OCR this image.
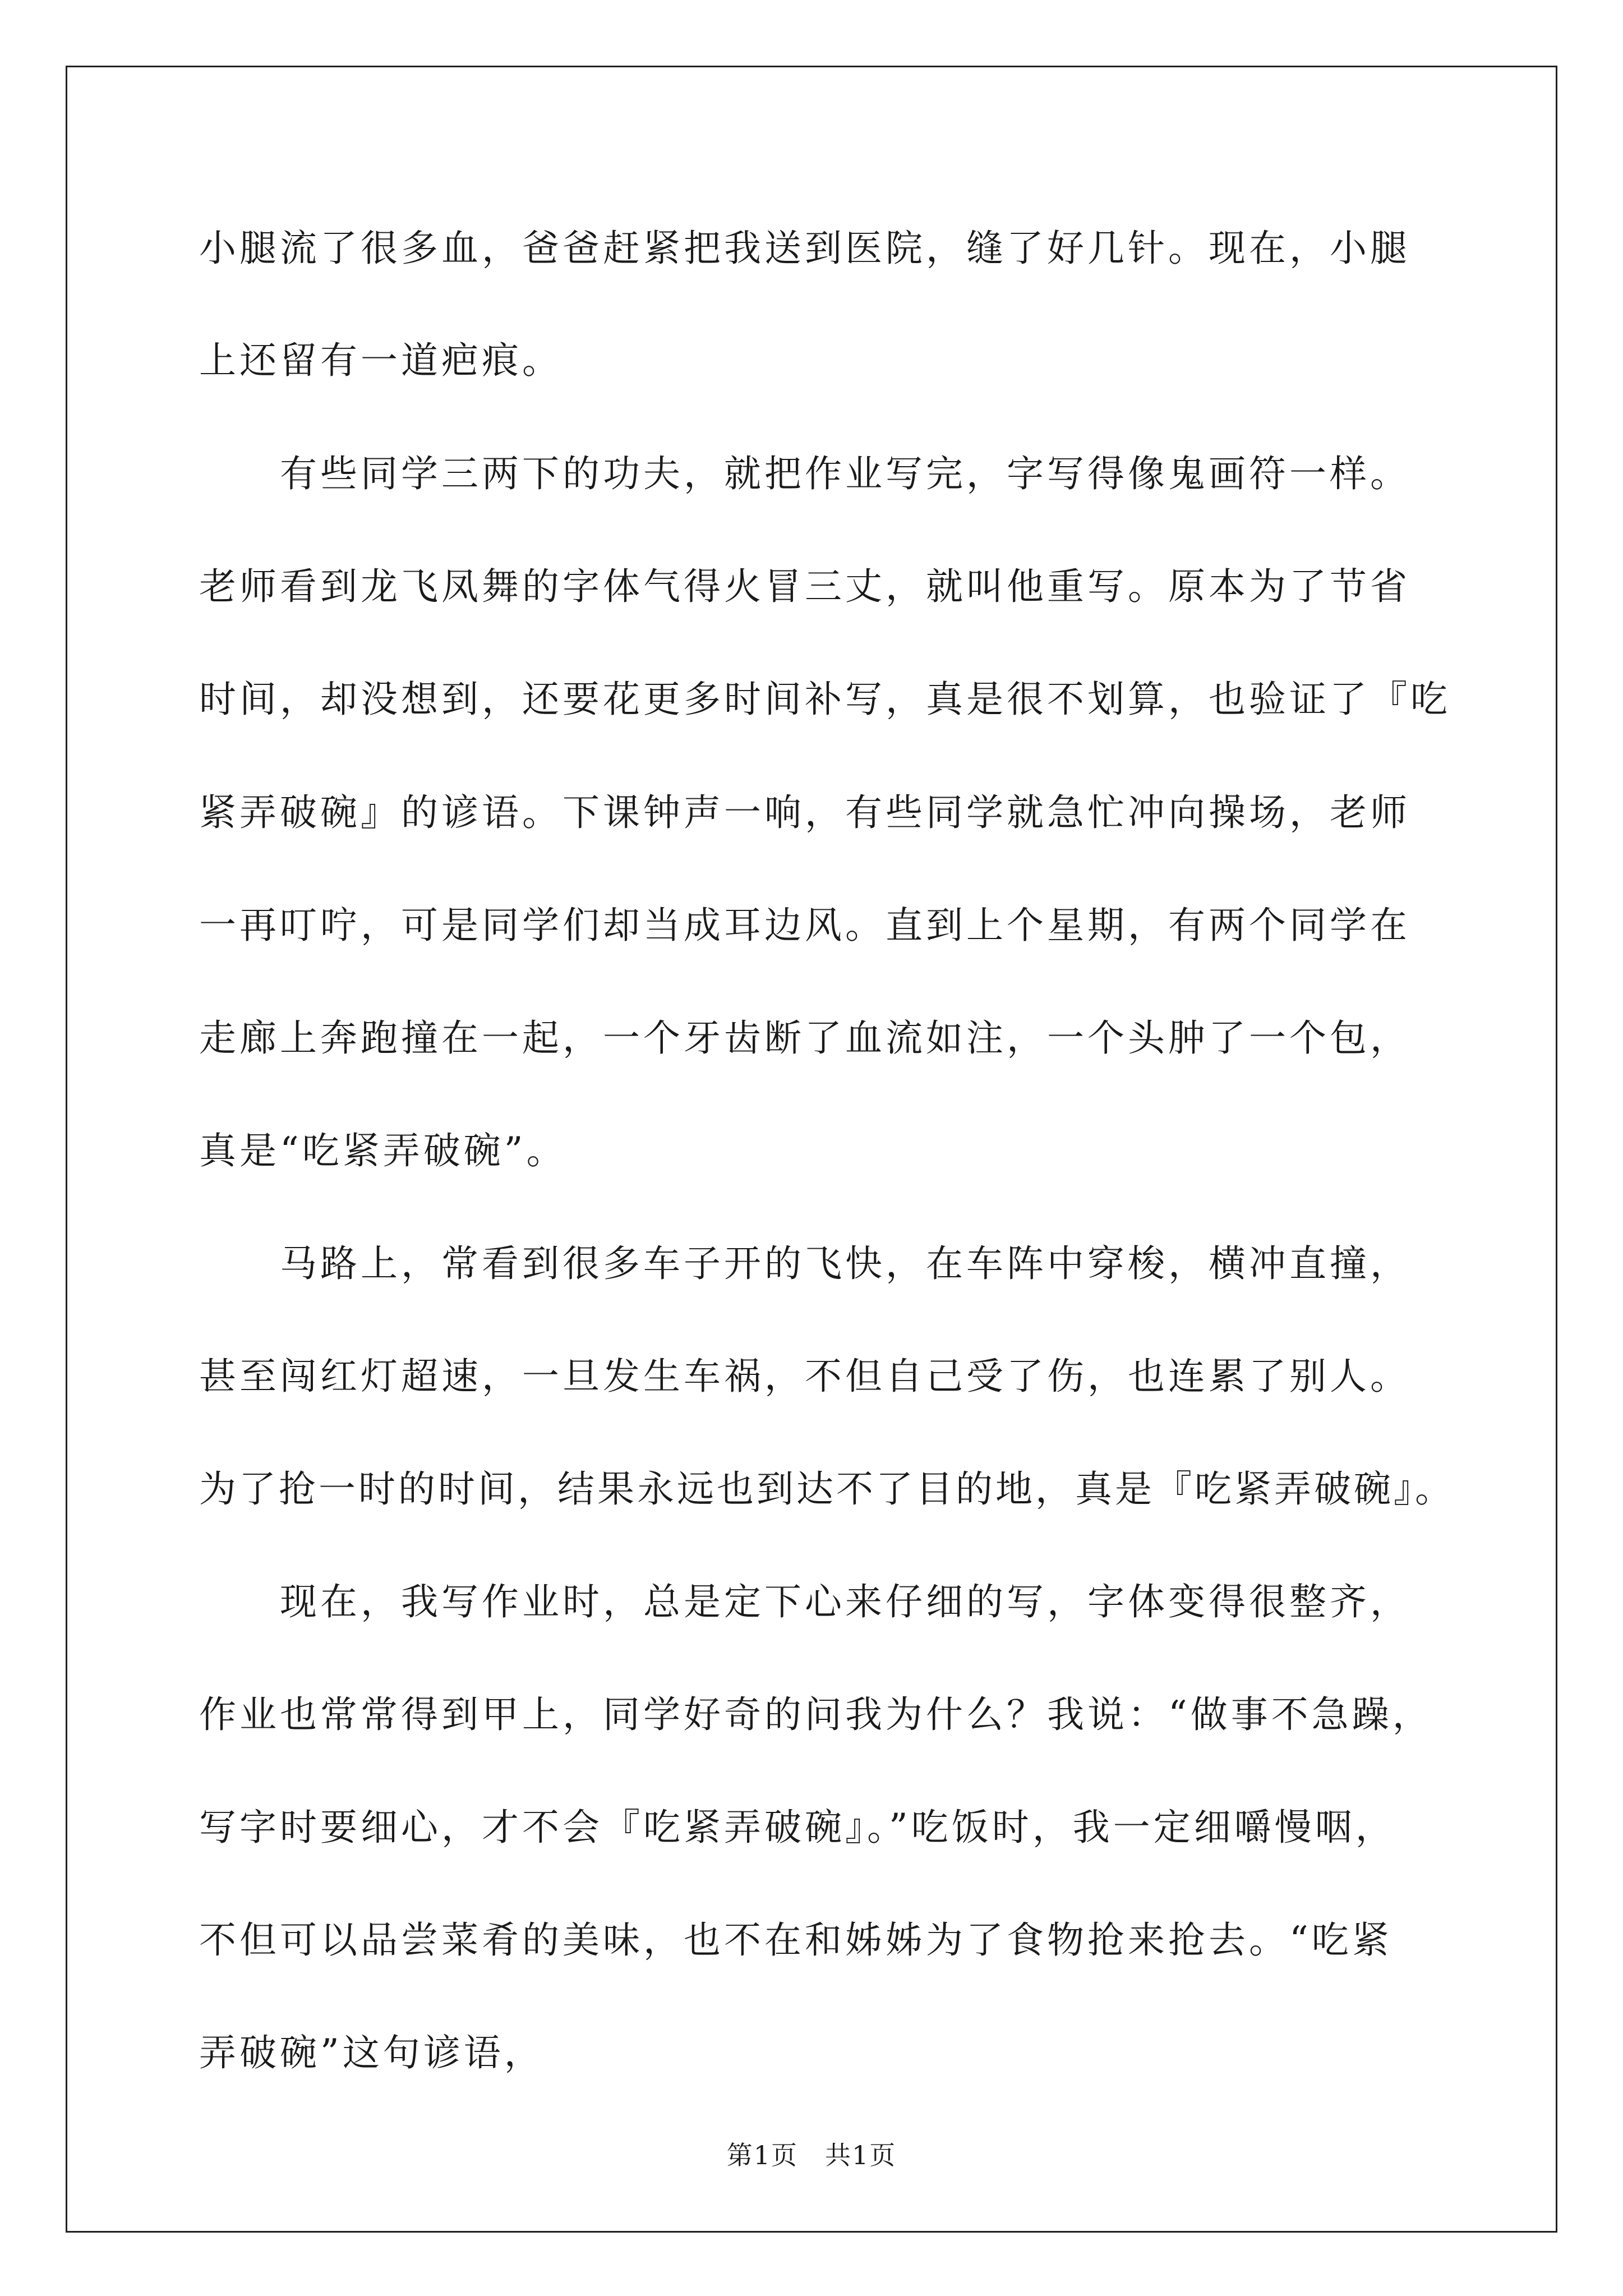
小腿流了很多血，爸爸赶紧把我送到医院，缝了好几针。现在，小腿
上还留有一道疤痕。
　　有些同学三两下的功夫，就把作业写完，字写得像鬼画符一样。
老师看到龙飞凤舞的字体气得火冒三丈，就叫他重写。原本为了节省
时间，却没想到，还要花更多时间补写，真是很不划算，也验证了『吃
紧弄破碗』的谚语。下课钟声一响，有些同学就急忙冲向操场，老师
一再叮咛，可是同学们却当成耳边风。直到上个星期，有两个同学在
走廊上奔跑撞在一起，一个牙齿断了血流如注，一个头肿了一个包，
真是“吃紧弄破碗”。
　　马路上，常看到很多车子开的飞快，在车阵中穿梭，横冲直撞，
甚至闯红灯超速，一旦发生车祸，不但自己受了伤，也连累了别人。
为了抢一时的时间，结果永远也到达不了目的地，真是『吃紧弄破碗』。
　　现在，我写作业时，总是定下心来仔细的写，字体变得很整齐，
作业也常常得到甲上，同学好奇的问我为什么？我说：“做事不急躁，
写字时要细心，才不会『吃紧弄破碗』。”吃饭时，我一定细嚼慢咽，
不但可以品尝菜肴的美味，也不在和姊姊为了食物抢来抢去。“吃紧
弄破碗”这句谚语，
第1页　共1页
